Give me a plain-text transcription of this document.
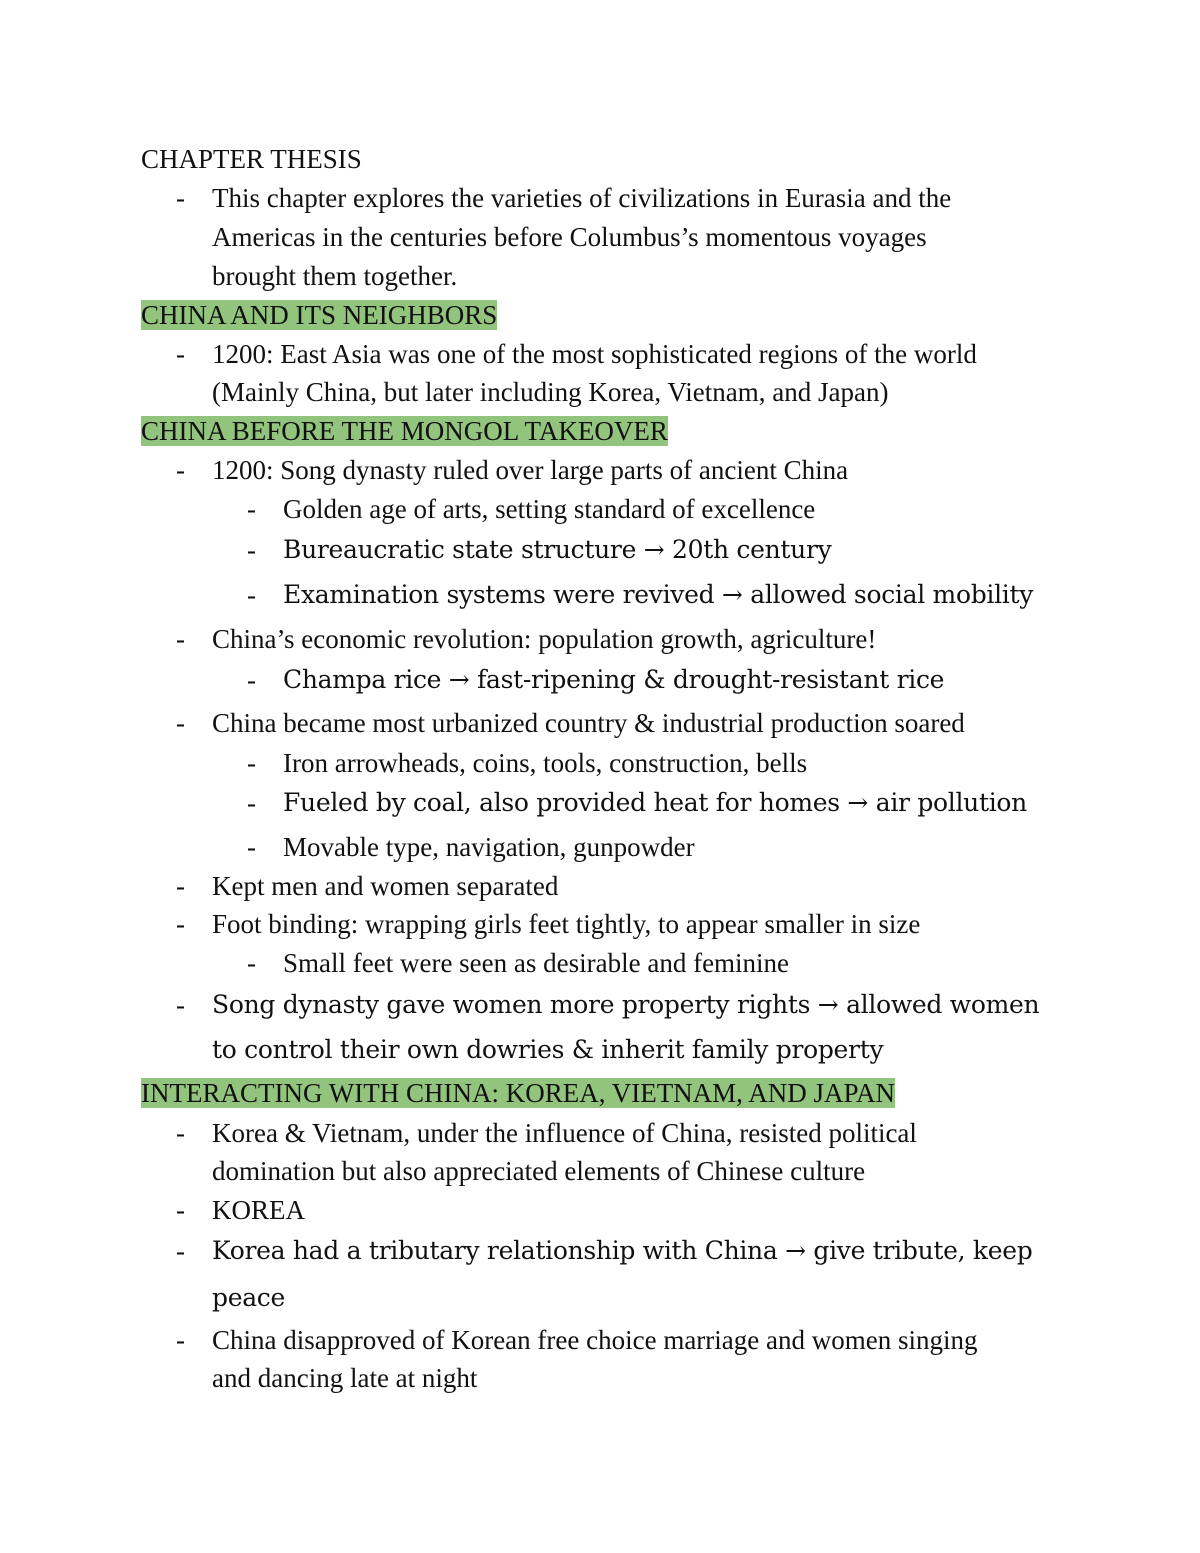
CHAPTER THESIS
- This chapter explores the varieties of civilizations in Eurasia and the
Americas in the centuries before Columbus’s momentous voyages
brought them together.
CHINA AND ITS NEIGHBORS
- 1200: East Asia was one of the most sophisticated regions of the world
(Mainly China, but later including Korea, Vietnam, and Japan)
CHINA BEFORE THE MONGOL TAKEOVER
- 1200: Song dynasty ruled over large parts of ancient China
- Golden age of arts, setting standard of excellence
- Bureaucratic state structure → 20th century
- Examination systems were revived → allowed social mobility
- China’s economic revolution: population growth, agriculture!
- Champa rice → fast-ripening & drought-resistant rice
- China became most urbanized country & industrial production soared
- Iron arrowheads, coins, tools, construction, bells
- Fueled by coal, also provided heat for homes → air pollution
- Movable type, navigation, gunpowder
- Kept men and women separated
- Foot binding: wrapping girls feet tightly, to appear smaller in size
- Small feet were seen as desirable and feminine
- Song dynasty gave women more property rights → allowed women
to control their own dowries & inherit family property
INTERACTING WITH CHINA: KOREA, VIETNAM, AND JAPAN
- Korea & Vietnam, under the influence of China, resisted political
domination but also appreciated elements of Chinese culture
- KOREA
- Korea had a tributary relationship with China → give tribute, keep
peace
- China disapproved of Korean free choice marriage and women singing
and dancing late at night
